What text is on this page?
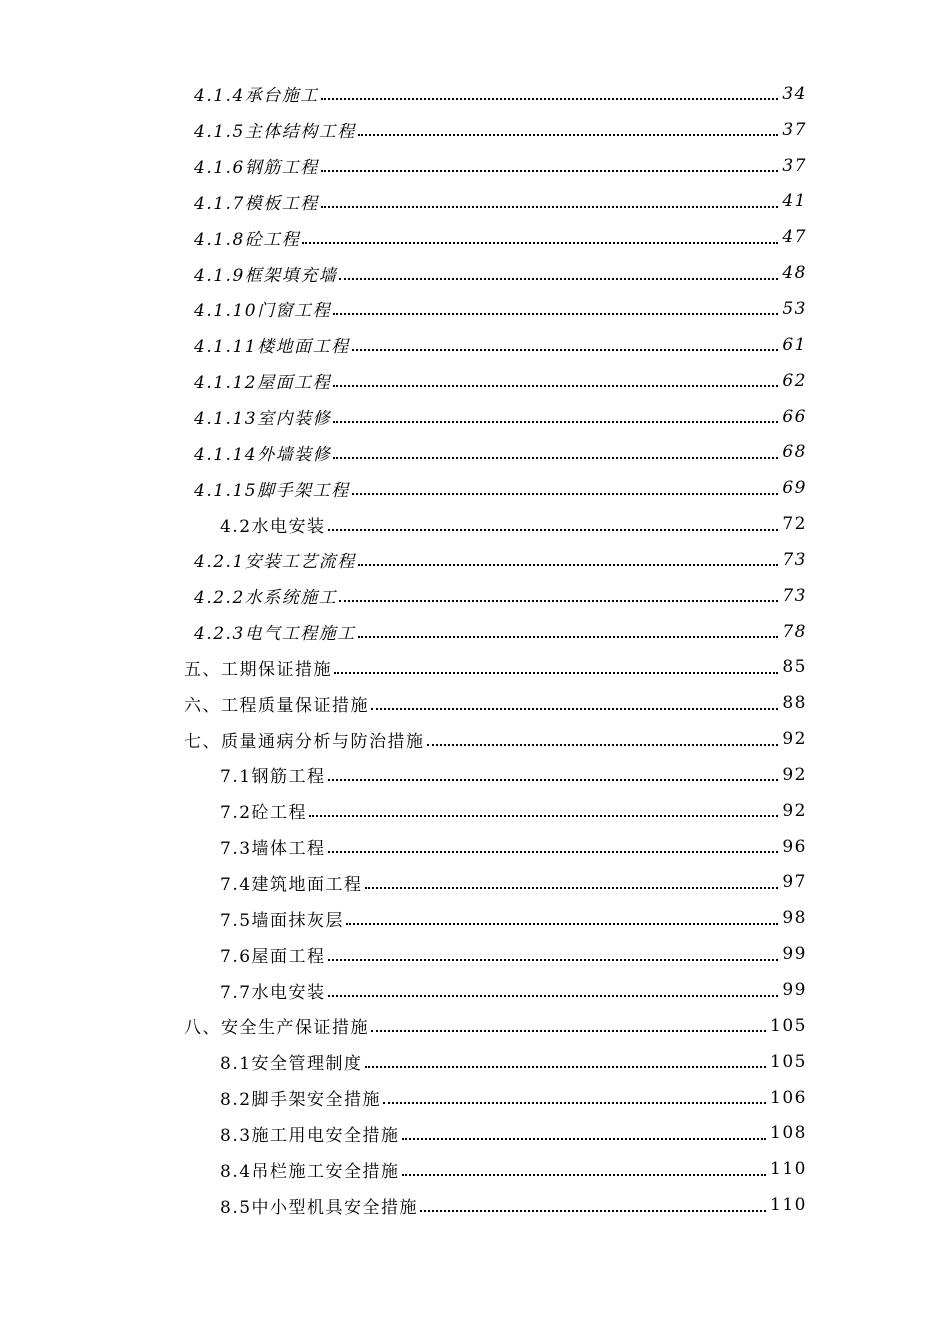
4.1.4承台施工	34
4.1.5主体结构工程	37
4.1.6钢筋工程	37
4.1.7模板工程	41
4.1.8砼工程	47
4.1.9框架填充墙	48
4.1.10门窗工程	53
4.1.11楼地面工程	61
4.1.12屋面工程	62
4.1.13室内装修	66
4.1.14外墙装修	68
4.1.15脚手架工程	69
4.2水电安装	72
4.2.1安装工艺流程	73
4.2.2水系统施工	73
4.2.3电气工程施工	78
五、工期保证措施	85
六、工程质量保证措施	88
七、质量通病分析与防治措施	92
7.1钢筋工程	92
7.2砼工程	92
7.3墙体工程	96
7.4建筑地面工程	97
7.5墙面抹灰层	98
7.6屋面工程	99
7.7水电安装	99
八、安全生产保证措施	105
8.1安全管理制度	105
8.2脚手架安全措施	106
8.3施工用电安全措施	108
8.4吊栏施工安全措施	110
8.5中小型机具安全措施	110
